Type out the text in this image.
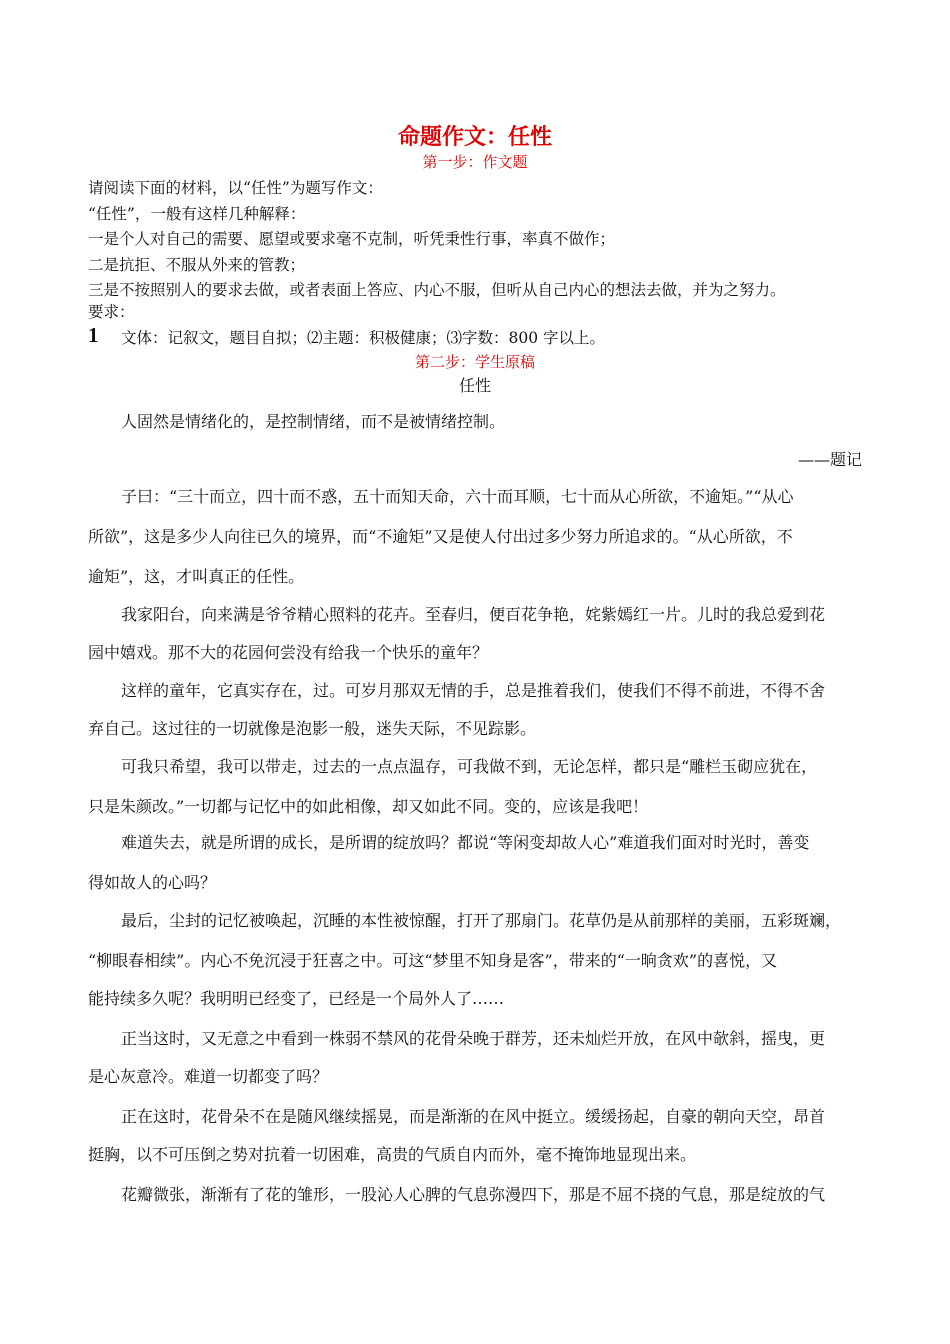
命题作文：任性
第一步：作文题
请阅读下面的材料，以“任性”为题写作文：
“任性”，一般有这样几种解释：
一是个人对自己的需要、愿望或要求毫不克制，听凭秉性行事，率真不做作；
二是抗拒、不服从外来的管教；
三是不按照别人的要求去做，或者表面上答应、内心不服，但听从自己内心的想法去做，并为之努力。
要求：
1 文体：记叙文，题目自拟；⑵主题：积极健康；⑶字数：800 字以上。
第二步：学生原稿
任性
人固然是情绪化的，是控制情绪，而不是被情绪控制。
——题记
子曰：“三十而立，四十而不惑，五十而知天命，六十而耳顺，七十而从心所欲，不逾矩。”“从心
所欲”，这是多少人向往已久的境界，而“不逾矩”又是使人付出过多少努力所追求的。“从心所欲，不
逾矩”，这，才叫真正的任性。
我家阳台，向来满是爷爷精心照料的花卉。至春归，便百花争艳，姹紫嫣红一片。儿时的我总爱到花
园中嬉戏。那不大的花园何尝没有给我一个快乐的童年？
这样的童年，它真实存在，过。可岁月那双无情的手，总是推着我们，使我们不得不前进，不得不舍
弃自己。这过往的一切就像是泡影一般，迷失天际，不见踪影。
可我只希望，我可以带走，过去的一点点温存，可我做不到，无论怎样，都只是“雕栏玉砌应犹在，
只是朱颜改。”一切都与记忆中的如此相像，却又如此不同。变的，应该是我吧！
难道失去，就是所谓的成长，是所谓的绽放吗？都说“等闲变却故人心”难道我们面对时光时，善变
得如故人的心吗？
最后，尘封的记忆被唤起，沉睡的本性被惊醒，打开了那扇门。花草仍是从前那样的美丽，五彩斑斓，
“柳眼春相续”。内心不免沉浸于狂喜之中。可这“梦里不知身是客”，带来的“一晌贪欢”的喜悦，又
能持续多久呢？我明明已经变了，已经是一个局外人了……
正当这时，又无意之中看到一株弱不禁风的花骨朵晚于群芳，还未灿烂开放，在风中欹斜，摇曳，更
是心灰意冷。难道一切都变了吗？
正在这时，花骨朵不在是随风继续摇晃，而是渐渐的在风中挺立。缓缓扬起，自豪的朝向天空，昂首
挺胸，以不可压倒之势对抗着一切困难，高贵的气质自内而外，毫不掩饰地显现出来。
花瓣微张，渐渐有了花的雏形，一股沁人心脾的气息弥漫四下，那是不屈不挠的气息，那是绽放的气
